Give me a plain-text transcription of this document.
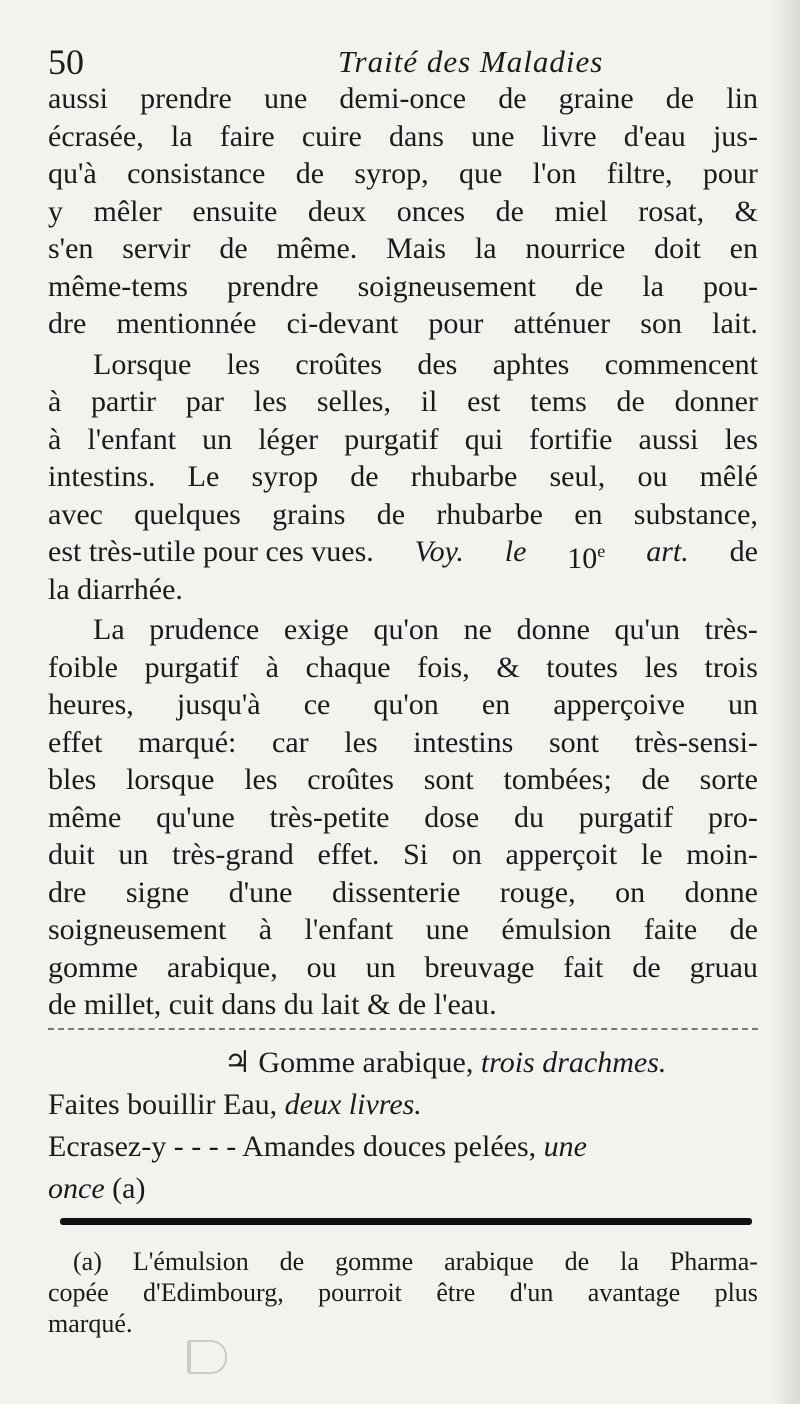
50	Traité des Maladies
aussi prendre une demi-once de graine de lin
écrasée, la faire cuire dans une livre d'eau jus-
qu'à consistance de syrop, que l'on filtre, pour
y mêler ensuite deux onces de miel rosat, &
s'en servir de même. Mais la nourrice doit en
même-tems prendre soigneusement de la pou-
dre mentionnée ci-devant pour atténuer son lait.
Lorsque les croûtes des aphtes commencent
à partir par les selles, il est tems de donner
à l'enfant un léger purgatif qui fortifie aussi les
intestins. Le syrop de rhubarbe seul, ou mêlé
avec quelques grains de rhubarbe en substance,
est très-utile pour ces vues. Voy. le 10e art. de
la diarrhée.
La prudence exige qu'on ne donne qu'un très-
foible purgatif à chaque fois, & toutes les trois
heures, jusqu'à ce qu'on en apperçoive un
effet marqué: car les intestins sont très-sensi-
bles lorsque les croûtes sont tombées; de sorte
même qu'une très-petite dose du purgatif pro-
duit un très-grand effet. Si on apperçoit le moin-
dre signe d'une dissenterie rouge, on donne
soigneusement à l'enfant une émulsion faite de
gomme arabique, ou un breuvage fait de gruau
de millet, cuit dans du lait & de l'eau.
♃ Gomme arabique, trois drachmes.
Faites bouillir Eau, deux livres.
Ecrasez-y - - - - Amandes douces pelées, une
once (a)
(a) L'émulsion de gomme arabique de la Pharma-
copée d'Edimbourg, pourroit être d'un avantage plus
marqué.
